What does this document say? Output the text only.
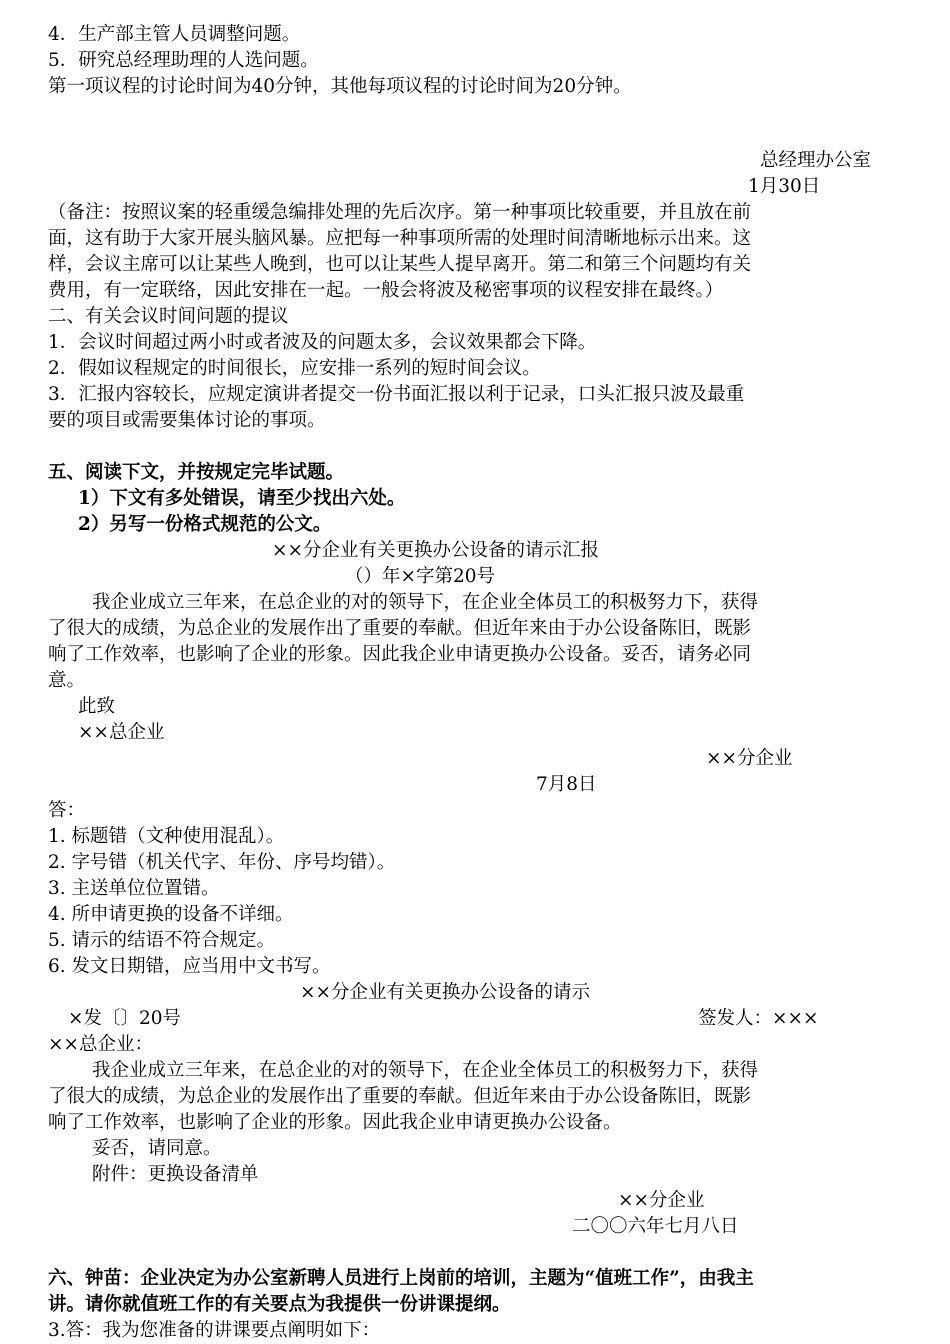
4．生产部主管人员调整问题。
5．研究总经理助理的人选问题。
第一项议程的讨论时间为40分钟，其他每项议程的讨论时间为20分钟。
总经理办公室
1月30日
（备注：按照议案的轻重缓急编排处理的先后次序。第一种事项比较重要，并且放在前
面，这有助于大家开展头脑风暴。应把每一种事项所需的处理时间清晰地标示出来。这
样，会议主席可以让某些人晚到，也可以让某些人提早离开。第二和第三个问题均有关
费用，有一定联络，因此安排在一起。一般会将波及秘密事项的议程安排在最终。）
二、有关会议时间问题的提议
1．会议时间超过两小时或者波及的问题太多，会议效果都会下降。
2．假如议程规定的时间很长，应安排一系列的短时间会议。
3．汇报内容较长，应规定演讲者提交一份书面汇报以利于记录，口头汇报只波及最重
要的项目或需要集体讨论的事项。
五、阅读下文，并按规定完毕试题。
1）下文有多处错误，请至少找出六处。
2）另写一份格式规范的公文。
××分企业有关更换办公设备的请示汇报
（）年×字第20号
我企业成立三年来，在总企业的对的领导下，在企业全体员工的积极努力下，获得
了很大的成绩，为总企业的发展作出了重要的奉献。但近年来由于办公设备陈旧，既影
响了工作效率，也影响了企业的形象。因此我企业申请更换办公设备。妥否，请务必同
意。
此致
××总企业
××分企业
7月8日
答：
1. 标题错（文种使用混乱）。
2. 字号错（机关代字、年份、序号均错）。
3. 主送单位位置错。
4. 所申请更换的设备不详细。
5. 请示的结语不符合规定。
6. 发文日期错，应当用中文书写。
××分企业有关更换办公设备的请示
×发〔〕20号	签发人：×××
××总企业：
我企业成立三年来，在总企业的对的领导下，在企业全体员工的积极努力下，获得
了很大的成绩，为总企业的发展作出了重要的奉献。但近年来由于办公设备陈旧，既影
响了工作效率，也影响了企业的形象。因此我企业申请更换办公设备。
妥否，请同意。
附件：更换设备清单
××分企业
二〇〇六年七月八日
六、钟苗：企业决定为办公室新聘人员进行上岗前的培训，主题为“值班工作”，由我主
讲。请你就值班工作的有关要点为我提供一份讲课提纲。
3.答：我为您准备的讲课要点阐明如下：
